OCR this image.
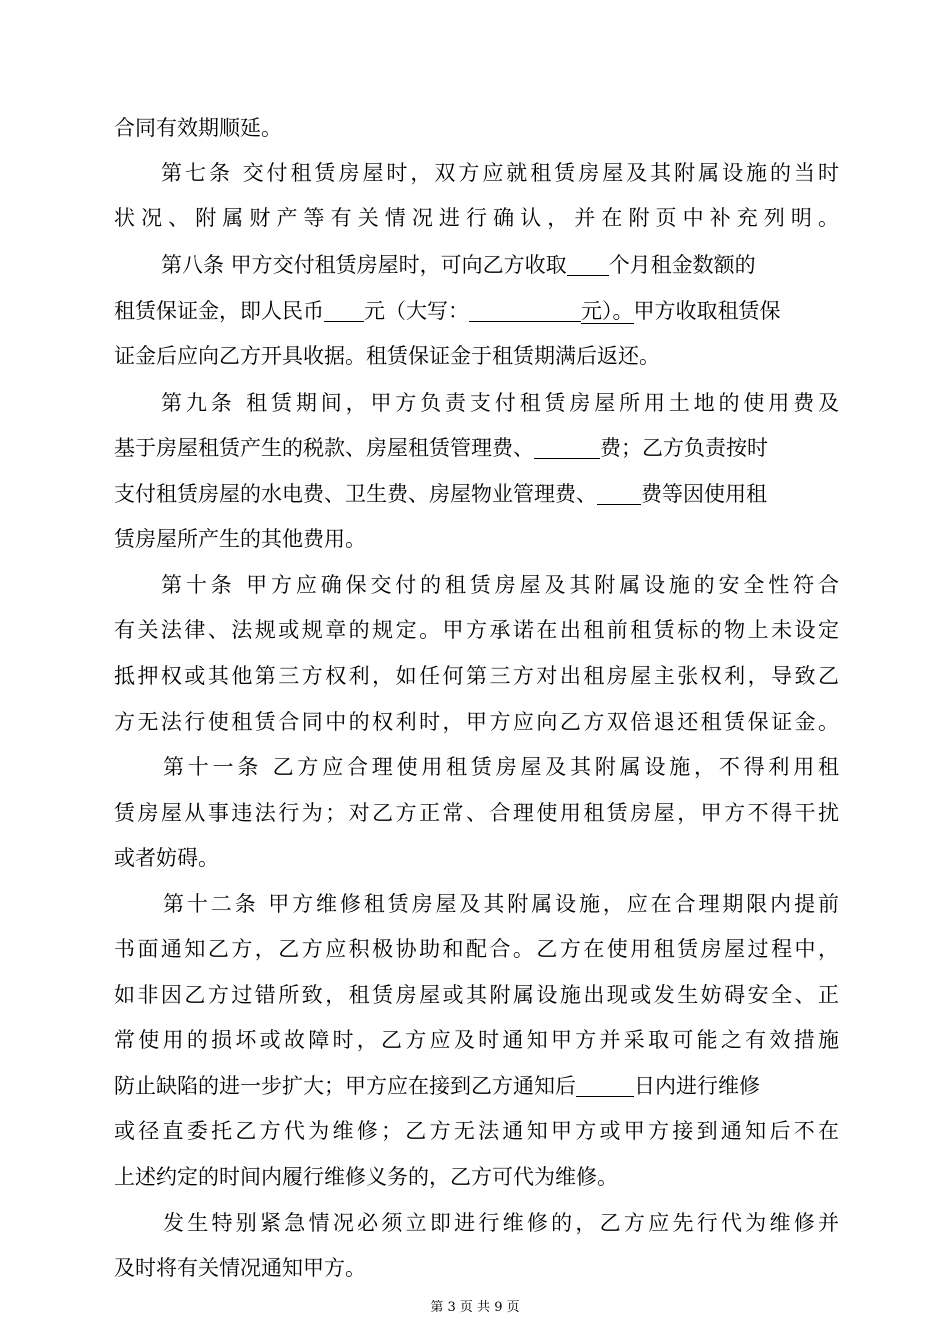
合同有效期顺延。
第七条 交付租赁房屋时，双方应就租赁房屋及其附属设施的当时
状况、附属财产等有关情况进行确认，并在附页中补充列明。
第八条 甲方交付租赁房屋时，可向乙方收取 个月租金数额的
租赁保证金，即人民币 元（大写：	元）。甲方收取租赁保
证金后应向乙方开具收据。租赁保证金于租赁期满后返还。
第九条 租赁期间，甲方负责支付租赁房屋所用土地的使用费及
基于房屋租赁产生的税款、房屋租赁管理费、	费；乙方负责按时
支付租赁房屋的水电费、卫生费、房屋物业管理费、 费等因使用租
赁房屋所产生的其他费用。
第十条 甲方应确保交付的租赁房屋及其附属设施的安全性符合
有关法律、法规或规章的规定。甲方承诺在出租前租赁标的物上未设定
抵押权或其他第三方权利，如任何第三方对出租房屋主张权利，导致乙
方无法行使租赁合同中的权利时，甲方应向乙方双倍退还租赁保证金。
第十一条 乙方应合理使用租赁房屋及其附属设施，不得利用租
赁房屋从事违法行为；对乙方正常、合理使用租赁房屋，甲方不得干扰
或者妨碍。
第十二条 甲方维修租赁房屋及其附属设施，应在合理期限内提前
书面通知乙方，乙方应积极协助和配合。乙方在使用租赁房屋过程中，
如非因乙方过错所致，租赁房屋或其附属设施出现或发生妨碍安全、正
常使用的损坏或故障时，乙方应及时通知甲方并采取可能之有效措施
防止缺陷的进一步扩大；甲方应在接到乙方通知后	日内进行维修
或径直委托乙方代为维修；乙方无法通知甲方或甲方接到通知后不在
上述约定的时间内履行维修义务的，乙方可代为维修。
发生特别紧急情况必须立即进行维修的，乙方应先行代为维修并
及时将有关情况通知甲方。
第 3 页 共 9 页
